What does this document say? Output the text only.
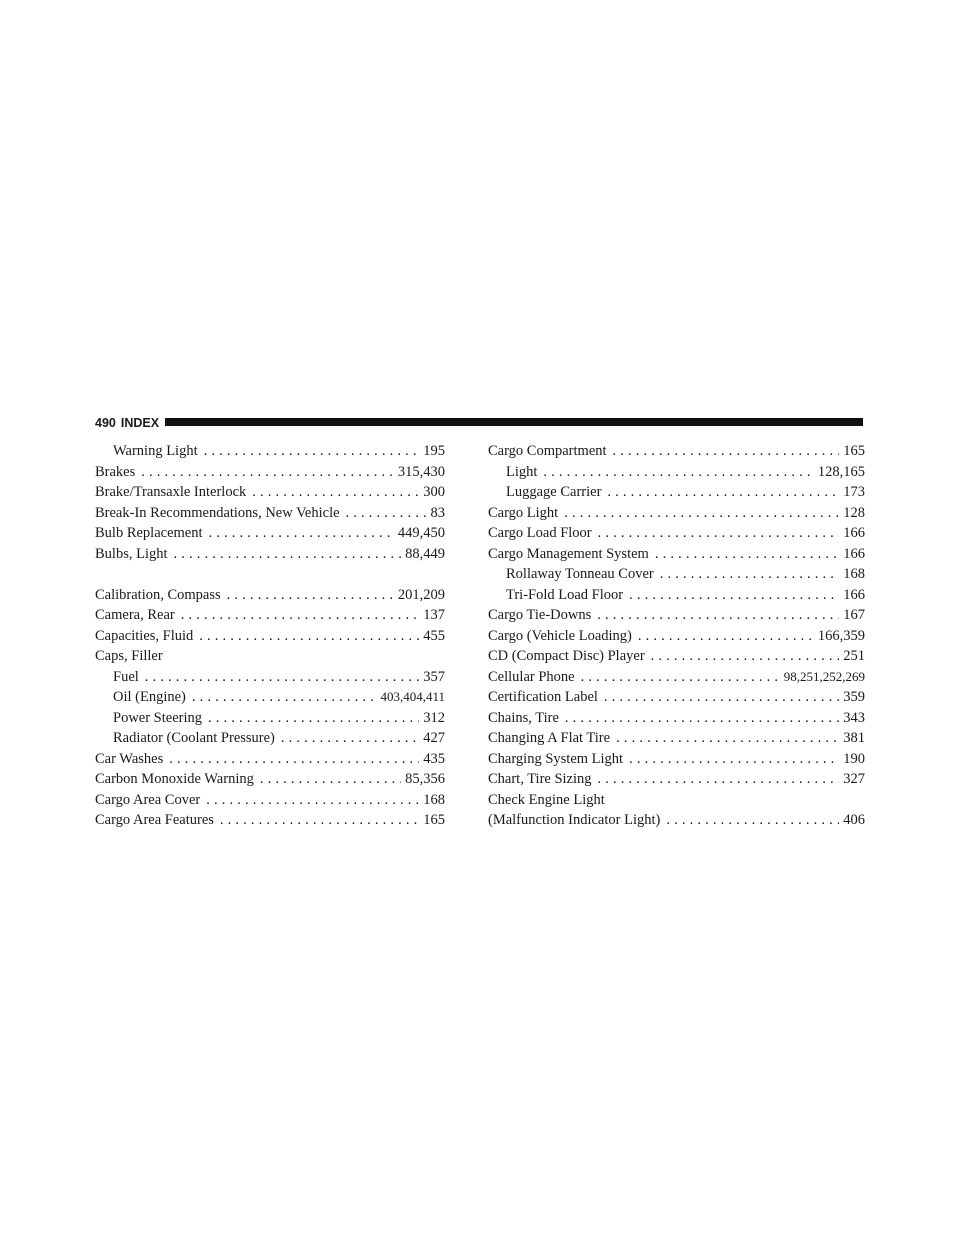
490 INDEX
Warning Light . . .	195
Brakes . . .	315,430
Brake/Transaxle Interlock . . .	300
Break-In Recommendations, New Vehicle . . .	83
Bulb Replacement . . .	449,450
Bulbs, Light . . .	88,449
Calibration, Compass . . .	201,209
Camera, Rear . . .	137
Capacities, Fluid . . .	455
Caps, Filler
Fuel . . .	357
Oil (Engine) . . .	403,404,411
Power Steering . . .	312
Radiator (Coolant Pressure) . . .	427
Car Washes . . .	435
Carbon Monoxide Warning . . .	85,356
Cargo Area Cover . . .	168
Cargo Area Features . . .	165
Cargo Compartment . . .	165
Light . . .	128,165
Luggage Carrier . . .	173
Cargo Light . . .	128
Cargo Load Floor . . .	166
Cargo Management System . . .	166
Rollaway Tonneau Cover . . .	168
Tri-Fold Load Floor . . .	166
Cargo Tie-Downs . . .	167
Cargo (Vehicle Loading) . . .	166,359
CD (Compact Disc) Player . . .	251
Cellular Phone . . .	98,251,252,269
Certification Label . . .	359
Chains, Tire . . .	343
Changing A Flat Tire . . .	381
Charging System Light . . .	190
Chart, Tire Sizing . . .	327
Check Engine Light
(Malfunction Indicator Light) . . .	406
